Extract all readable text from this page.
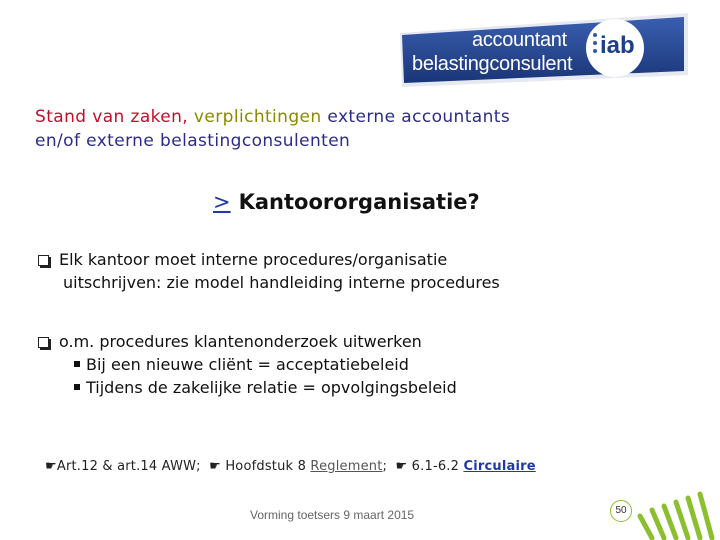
accountant
belastingconsulent
iab
Stand van zaken, verplichtingen externe accountants
en/of externe belastingconsulenten
> Kantoororganisatie?
Elk kantoor moet interne procedures/organisatie
uitschrijven: zie model handleiding interne procedures
o.m. procedures klantenonderzoek uitwerken
Bij een nieuwe cliënt = acceptatiebeleid
Tijdens de zakelijke relatie = opvolgingsbeleid
☛Art.12 & art.14 AWW; ☛ Hoofdstuk 8 Reglement; ☛ 6.1-6.2 Circulaire
Vorming toetsers 9 maart 2015	50
